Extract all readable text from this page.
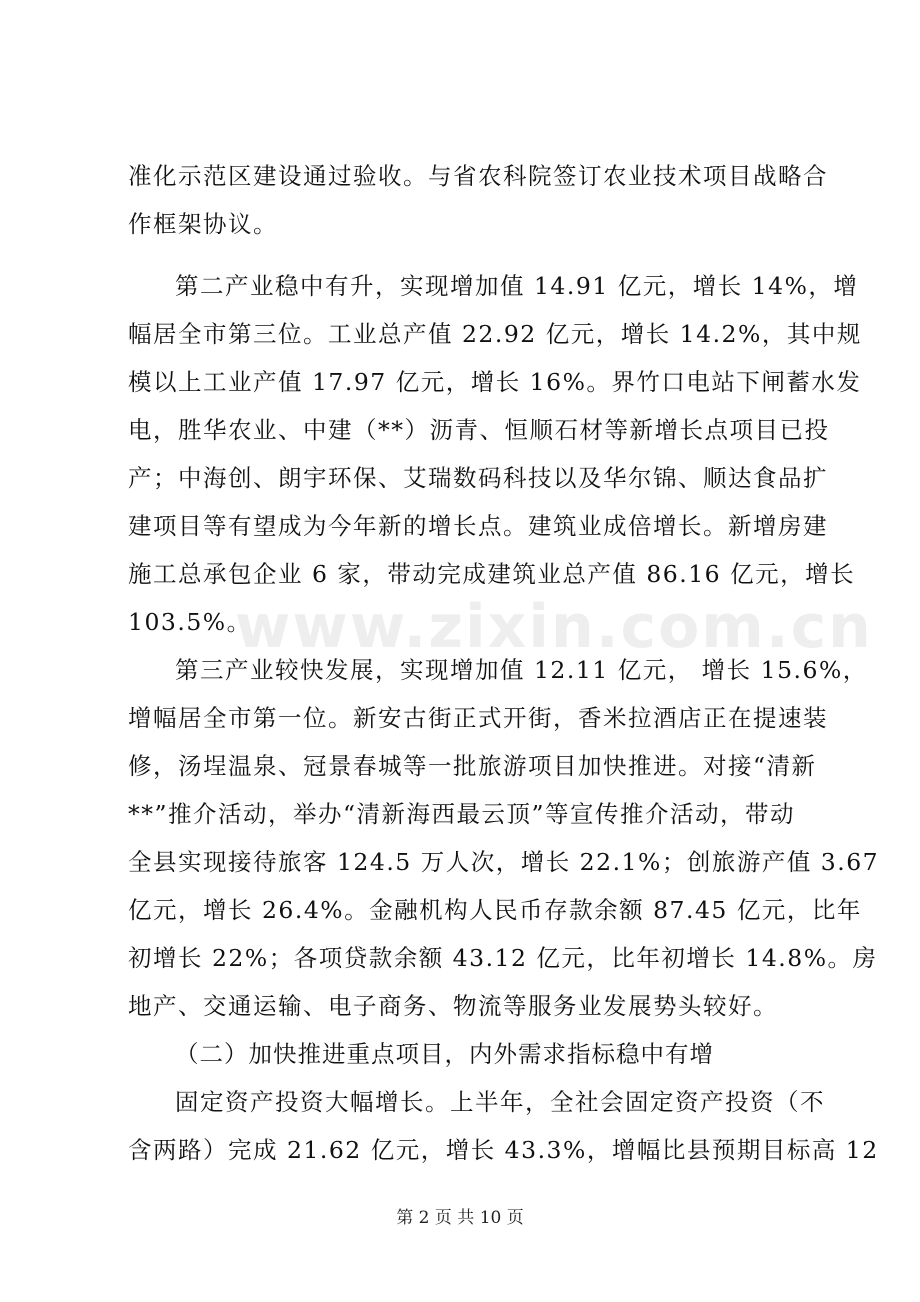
www.zixin.com.cn
准化示范区建设通过验收。与省农科院签订农业技术项目战略合
作框架协议。
第二产业稳中有升，实现增加值 14.91 亿元，增长 14%，增
幅居全市第三位。工业总产值 22.92 亿元，增长 14.2%，其中规
模以上工业产值 17.97 亿元，增长 16%。界竹口电站下闸蓄水发
电，胜华农业、中建（**）沥青、恒顺石材等新增长点项目已投
产；中海创、朗宇环保、艾瑞数码科技以及华尔锦、顺达食品扩
建项目等有望成为今年新的增长点。建筑业成倍增长。新增房建
施工总承包企业 6 家，带动完成建筑业总产值 86.16 亿元，增长
103.5%。
第三产业较快发展，实现增加值 12.11 亿元， 增长 15.6%，
增幅居全市第一位。新安古街正式开街，香米拉酒店正在提速装
修，汤埕温泉、冠景春城等一批旅游项目加快推进。对接“清新
**”推介活动，举办“清新海西最云顶”等宣传推介活动，带动
全县实现接待旅客 124.5 万人次，增长 22.1%；创旅游产值 3.67
亿元，增长 26.4%。金融机构人民币存款余额 87.45 亿元，比年
初增长 22%；各项贷款余额 43.12 亿元，比年初增长 14.8%。房
地产、交通运输、电子商务、物流等服务业发展势头较好。
（二）加快推进重点项目，内外需求指标稳中有增
固定资产投资大幅增长。上半年，全社会固定资产投资（不
含两路）完成 21.62 亿元，增长 43.3%，增幅比县预期目标高 12
第 2 页 共 10 页
